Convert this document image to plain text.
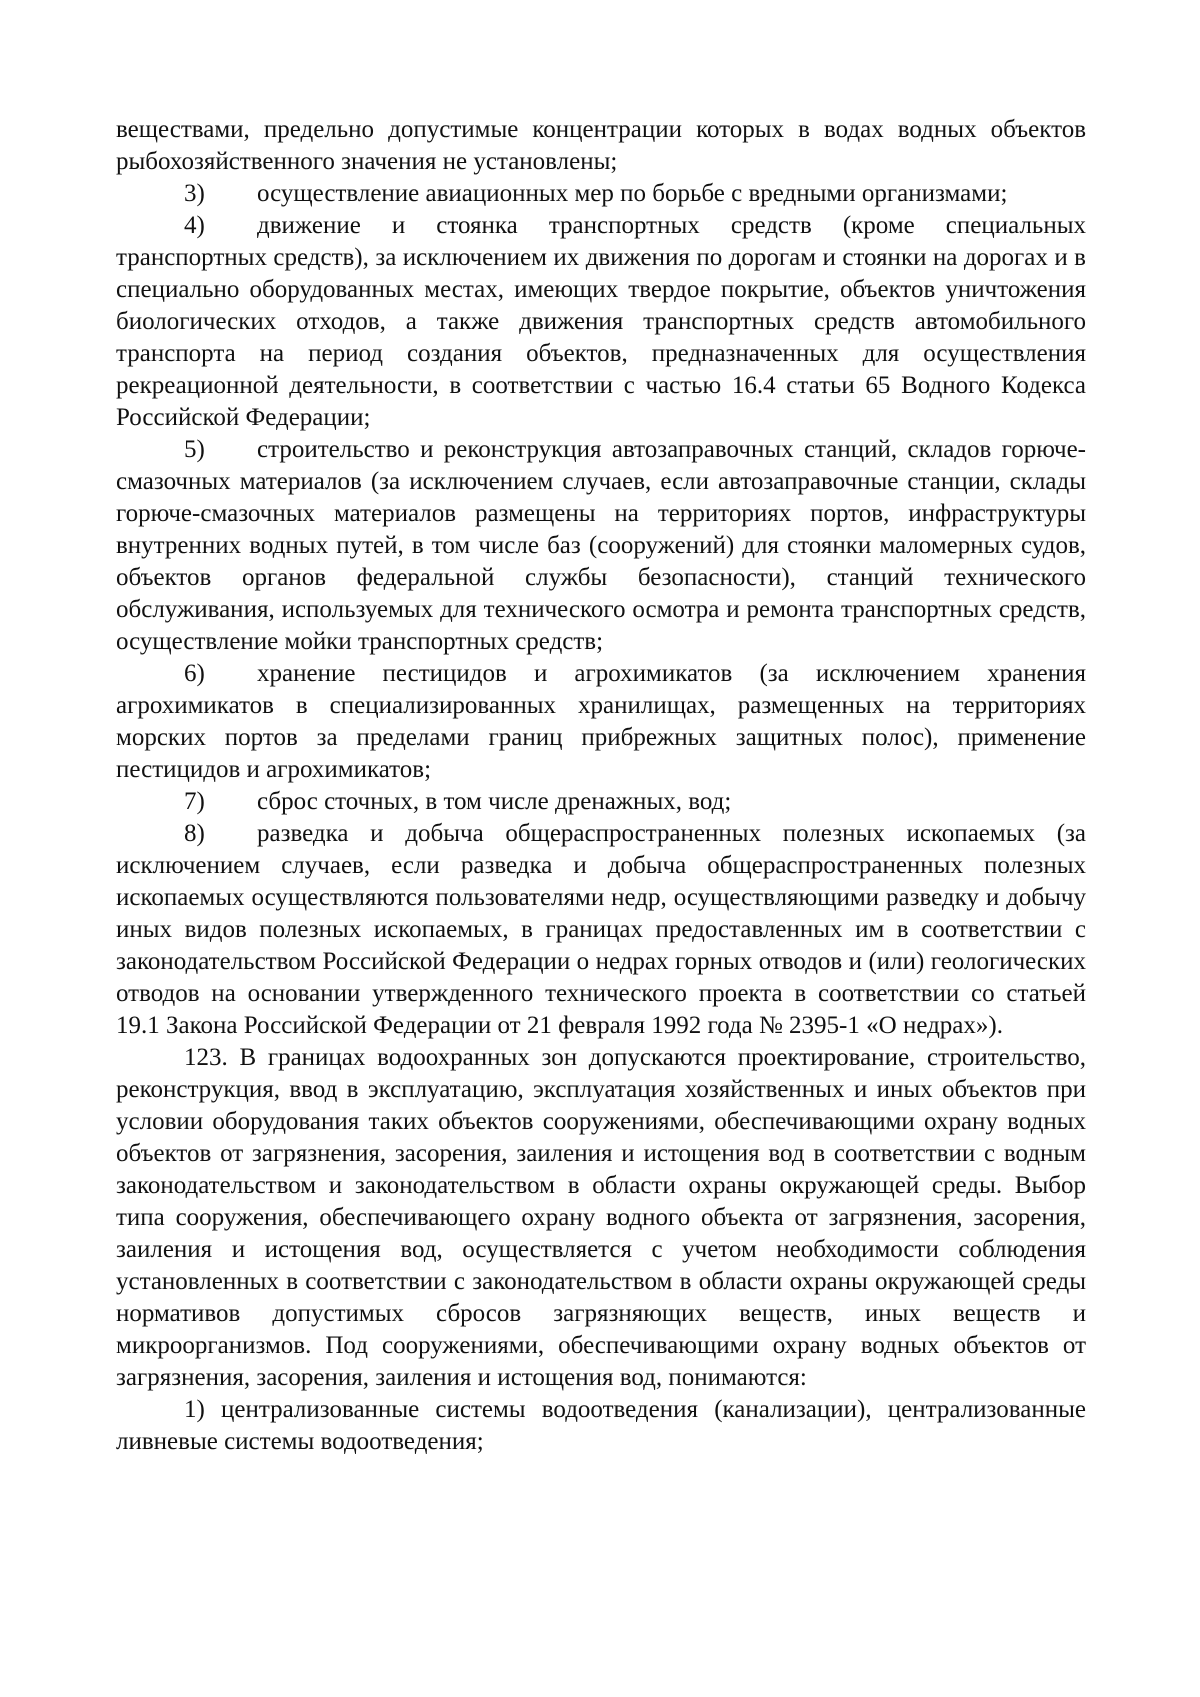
веществами, предельно допустимые концентрации которых в водах водных объектов рыбохозяйственного значения не установлены;

3) осуществление авиационных мер по борьбе с вредными организмами;

4) движение и стоянка транспортных средств (кроме специальных транспортных средств), за исключением их движения по дорогам и стоянки на дорогах и в специально оборудованных местах, имеющих твердое покрытие, объектов уничтожения биологических отходов, а также движения транспортных средств автомобильного транспорта на период создания объектов, предназначенных для осуществления рекреационной деятельности, в соответствии с частью 16.4 статьи 65 Водного Кодекса Российской Федерации;

5) строительство и реконструкция автозаправочных станций, складов горюче-смазочных материалов (за исключением случаев, если автозаправочные станции, склады горюче-смазочных материалов размещены на территориях портов, инфраструктуры внутренних водных путей, в том числе баз (сооружений) для стоянки маломерных судов, объектов органов федеральной службы безопасности), станций технического обслуживания, используемых для технического осмотра и ремонта транспортных средств, осуществление мойки транспортных средств;

6) хранение пестицидов и агрохимикатов (за исключением хранения агрохимикатов в специализированных хранилищах, размещенных на территориях морских портов за пределами границ прибрежных защитных полос), применение пестицидов и агрохимикатов;

7) сброс сточных, в том числе дренажных, вод;

8) разведка и добыча общераспространенных полезных ископаемых (за исключением случаев, если разведка и добыча общераспространенных полезных ископаемых осуществляются пользователями недр, осуществляющими разведку и добычу иных видов полезных ископаемых, в границах предоставленных им в соответствии с законодательством Российской Федерации о недрах горных отводов и (или) геологических отводов на основании утвержденного технического проекта в соответствии со статьей 19.1 Закона Российской Федерации от 21 февраля 1992 года № 2395-1 «О недрах»).

123. В границах водоохранных зон допускаются проектирование, строительство, реконструкция, ввод в эксплуатацию, эксплуатация хозяйственных и иных объектов при условии оборудования таких объектов сооружениями, обеспечивающими охрану водных объектов от загрязнения, засорения, заиления и истощения вод в соответствии с водным законодательством и законодательством в области охраны окружающей среды. Выбор типа сооружения, обеспечивающего охрану водного объекта от загрязнения, засорения, заиления и истощения вод, осуществляется с учетом необходимости соблюдения установленных в соответствии с законодательством в области охраны окружающей среды нормативов допустимых сбросов загрязняющих веществ, иных веществ и микроорганизмов. Под сооружениями, обеспечивающими охрану водных объектов от загрязнения, засорения, заиления и истощения вод, понимаются:

1) централизованные системы водоотведения (канализации), централизованные ливневые системы водоотведения;
